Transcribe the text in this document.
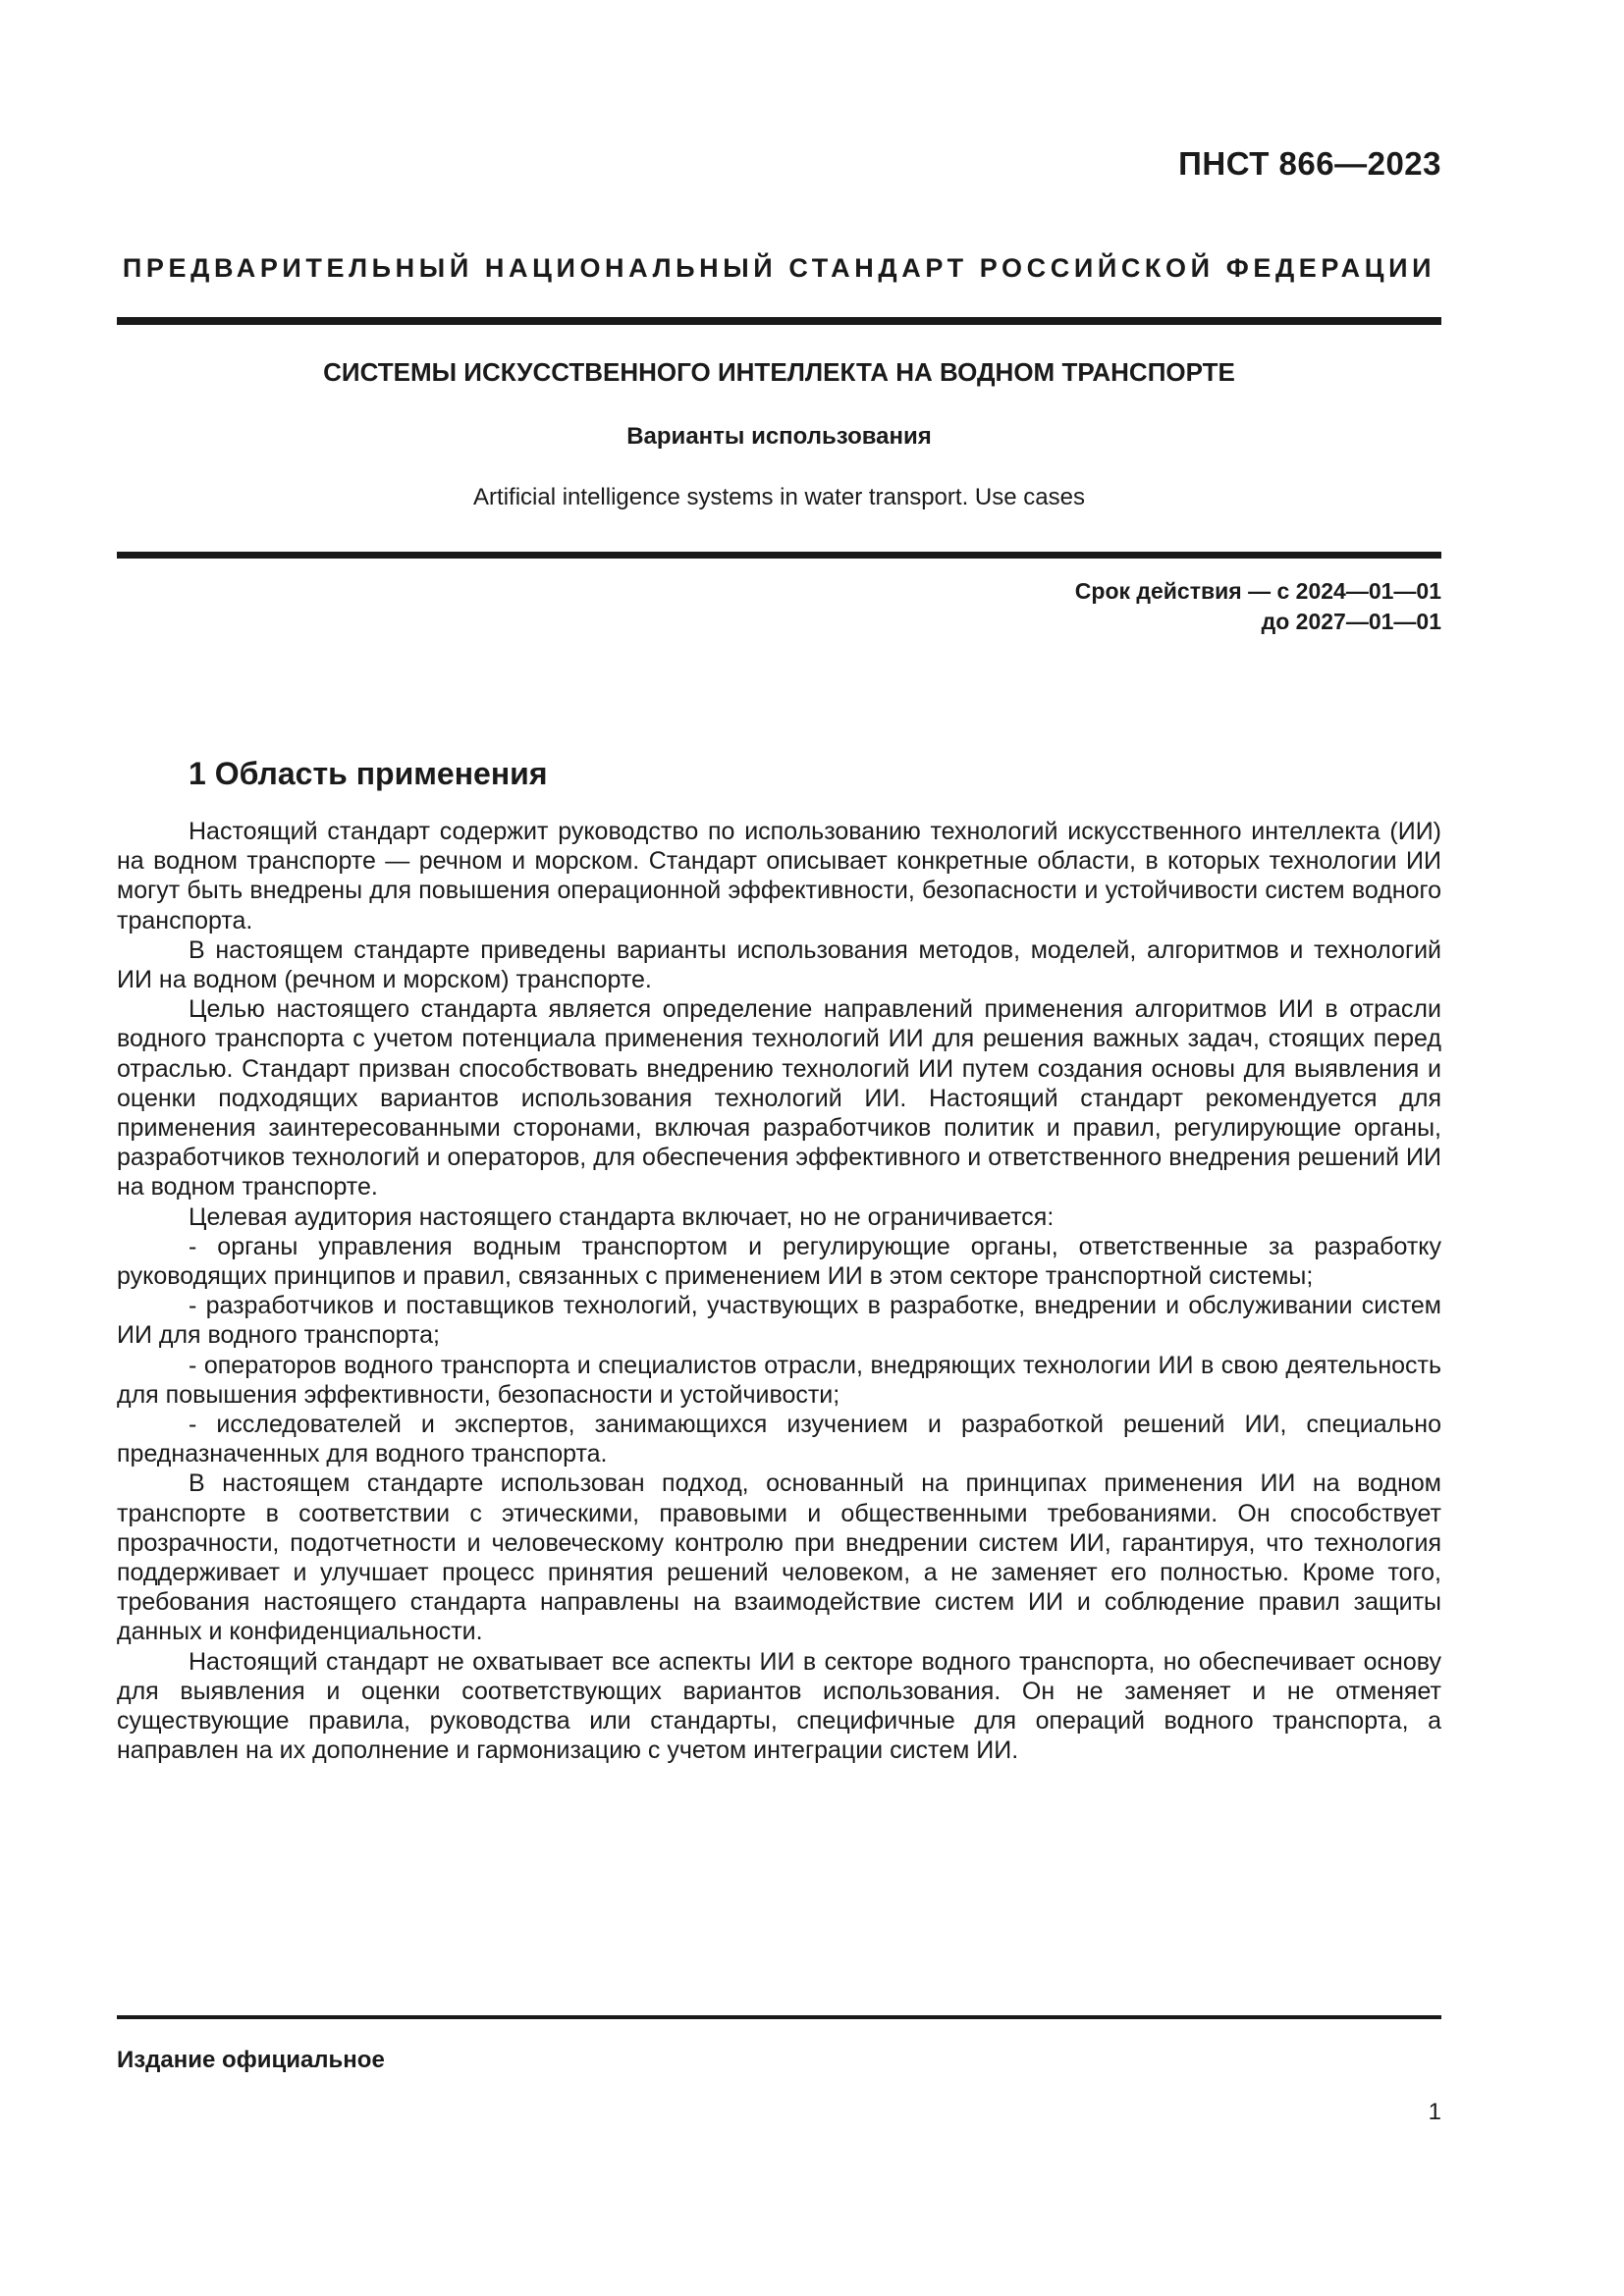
ПНСТ 866—2023
ПРЕДВАРИТЕЛЬНЫЙ НАЦИОНАЛЬНЫЙ СТАНДАРТ РОССИЙСКОЙ ФЕДЕРАЦИИ
СИСТЕМЫ ИСКУССТВЕННОГО ИНТЕЛЛЕКТА НА ВОДНОМ ТРАНСПОРТЕ
Варианты использования
Artificial intelligence systems in water transport. Use cases
Срок действия — с 2024—01—01
до 2027—01—01
1 Область применения

Настоящий стандарт содержит руководство по использованию технологий искусственного интеллекта (ИИ) на водном транспорте — речном и морском. Стандарт описывает конкретные области, в которых технологии ИИ могут быть внедрены для повышения операционной эффективности, безопасности и устойчивости систем водного транспорта.

В настоящем стандарте приведены варианты использования методов, моделей, алгоритмов и технологий ИИ на водном (речном и морском) транспорте.

Целью настоящего стандарта является определение направлений применения алгоритмов ИИ в отрасли водного транспорта с учетом потенциала применения технологий ИИ для решения важных задач, стоящих перед отраслью. Стандарт призван способствовать внедрению технологий ИИ путем создания основы для выявления и оценки подходящих вариантов использования технологий ИИ. Настоящий стандарт рекомендуется для применения заинтересованными сторонами, включая разработчиков политик и правил, регулирующие органы, разработчиков технологий и операторов, для обеспечения эффективного и ответственного внедрения решений ИИ на водном транспорте.

Целевая аудитория настоящего стандарта включает, но не ограничивается:

- органы управления водным транспортом и регулирующие органы, ответственные за разработку руководящих принципов и правил, связанных с применением ИИ в этом секторе транспортной системы;

- разработчиков и поставщиков технологий, участвующих в разработке, внедрении и обслуживании систем ИИ для водного транспорта;

- операторов водного транспорта и специалистов отрасли, внедряющих технологии ИИ в свою деятельность для повышения эффективности, безопасности и устойчивости;

- исследователей и экспертов, занимающихся изучением и разработкой решений ИИ, специально предназначенных для водного транспорта.

В настоящем стандарте использован подход, основанный на принципах применения ИИ на водном транспорте в соответствии с этическими, правовыми и общественными требованиями. Он способствует прозрачности, подотчетности и человеческому контролю при внедрении систем ИИ, гарантируя, что технология поддерживает и улучшает процесс принятия решений человеком, а не заменяет его полностью. Кроме того, требования настоящего стандарта направлены на взаимодействие систем ИИ и соблюдение правил защиты данных и конфиденциальности.

Настоящий стандарт не охватывает все аспекты ИИ в секторе водного транспорта, но обеспечивает основу для выявления и оценки соответствующих вариантов использования. Он не заменяет и не отменяет существующие правила, руководства или стандарты, специфичные для операций водного транспорта, а направлен на их дополнение и гармонизацию с учетом интеграции систем ИИ.

Издание официальное
1
